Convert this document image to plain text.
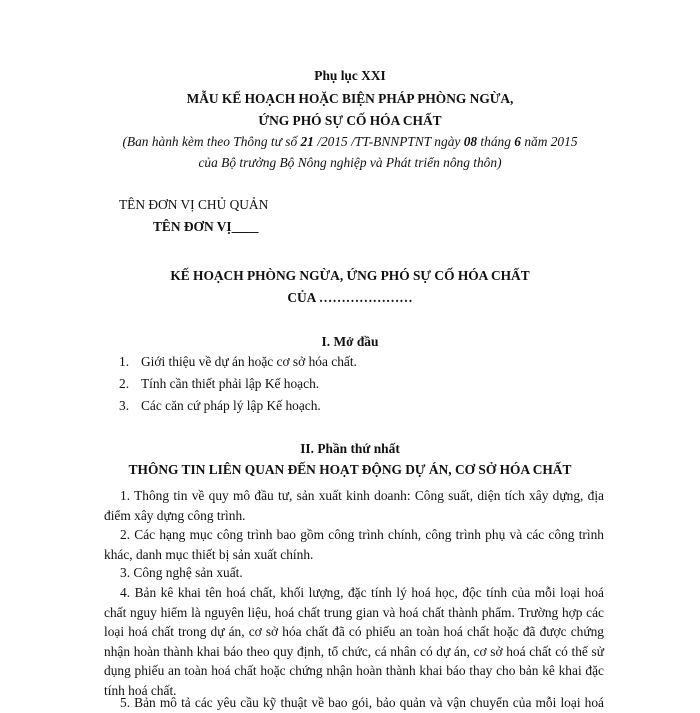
Phụ lục XXI
MẪU KẾ HOẠCH HOẶC BIỆN PHÁP PHÒNG NGỪA,
ỨNG PHÓ SỰ CỐ HÓA CHẤT
(Ban hành kèm theo Thông tư số 21 /2015 /TT-BNNPTNT ngày 08 tháng 6 năm 2015
của Bộ trưởng Bộ Nông nghiệp và Phát triển nông thôn)
TÊN ĐƠN VỊ CHỦ QUẢN
TÊN ĐƠN VỊ____
KẾ HOẠCH PHÒNG NGỪA, ỨNG PHÓ SỰ CỐ HÓA CHẤT
CỦA …………………
I. Mở đầu
1. Giới thiệu về dự án hoặc cơ sở hóa chất.
2. Tính cần thiết phải lập Kế hoạch.
3. Các căn cứ pháp lý lập Kế hoạch.
II. Phần thứ nhất
THÔNG TIN LIÊN QUAN ĐẾN HOẠT ĐỘNG DỰ ÁN, CƠ SỞ HÓA CHẤT
1. Thông tin về quy mô đầu tư, sản xuất kinh doanh: Công suất, diện tích xây dựng, địa
điểm xây dựng công trình.
2. Các hạng mục công trình bao gồm công trình chính, công trình phụ và các công trình
khác, danh mục thiết bị sản xuất chính.
3. Công nghệ sản xuất.
4. Bản kê khai tên hoá chất, khối lượng, đặc tính lý hoá học, độc tính của mỗi loại hoá
chất nguy hiểm là nguyên liệu, hoá chất trung gian và hoá chất thành phẩm. Trường hợp các
loại hoá chất trong dự án, cơ sở hóa chất đã có phiếu an toàn hoá chất hoặc đã được chứng
nhận hoàn thành khai báo theo quy định, tổ chức, cá nhân có dự án, cơ sở hoá chất có thể sử
dụng phiếu an toàn hoá chất hoặc chứng nhận hoàn thành khai báo thay cho bản kê khai đặc
tính hoá chất.
5. Bản mô tả các yêu cầu kỹ thuật về bao gói, bảo quản và vận chuyển của mỗi loại hoá
